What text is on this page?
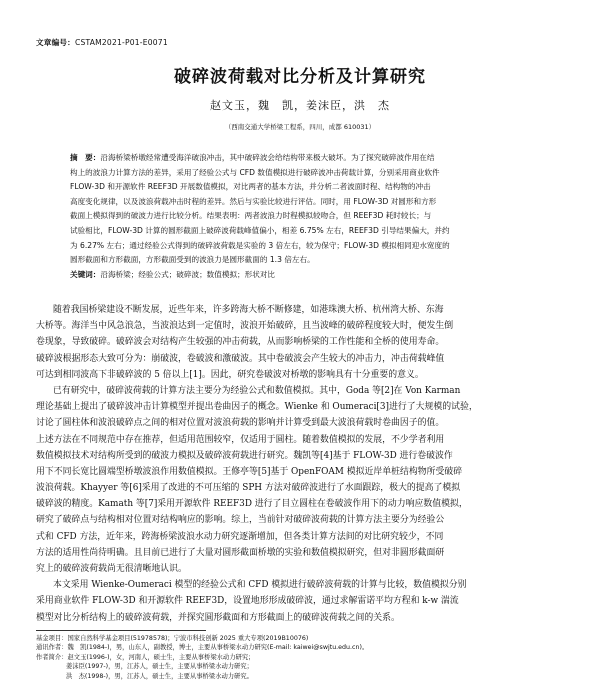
文章编号：CSTAM2021-P01-E0071
破碎波荷载对比分析及计算研究
赵文玉，魏　凯，姜沫臣，洪　杰
（西南交通大学桥梁工程系，四川，成都 610031）
摘　要：沿海桥梁桥墩经常遭受海洋破浪冲击，其中破碎波会给结构带来极大破坏。为了探究破碎波作用在结
构上的波浪力计算方法的差异，采用了经验公式与 CFD 数值模拟进行破碎波冲击荷载计算，分别采用商业软件
FLOW-3D 和开源软件 REEF3D 开展数值模拟，对比两者的基本方法，并分析二者波面时程、结构物的冲击
高度变化规律，以及波浪荷载冲击时程的差异。然后与实验比较进行评估。同时，用 FLOW-3D 对圆形和方形
截面上模拟得到的破波力进行比较分析。结果表明：两者波浪力时程模拟较吻合，但 REEF3D 耗时较长；与
试验相比，FLOW-3D 计算的圆形截面上破碎波荷载峰值偏小，相差 6.75% 左右，REEF3D 引导结果偏大，并约
为 6.27% 左右；通过经验公式得到的破碎波荷载是实验的 3 倍左右，较为保守；FLOW-3D 模拟相同迎水宽度的
圆形截面和方形截面，方形截面受到的波浪力是圆形截面的 1.3 倍左右。
关键词：沿海桥梁；经验公式；破碎波；数值模拟；形状对比
随着我国桥梁建设不断发展，近些年来，许多跨海大桥不断修建，如港珠澳大桥、杭州湾大桥、东海
大桥等。海洋当中风急浪急，当波浪达到一定值时，波浪开始破碎，且当波峰的破碎程度较大时，便发生倒
卷现象，导致破碎。破碎波会对结构产生较强的冲击荷载，从而影响桥梁的工作性能和全桥的使用寿命。
破碎波根据形态大致可分为：崩破波，卷破波和激破波。其中卷破波会产生较大的冲击力，冲击荷载峰值
可达到相同波高下非破碎波的 5 倍以上[1]。因此，研究卷破波对桥墩的影响具有十分重要的意义。
已有研究中，破碎波荷载的计算方法主要分为经验公式和数值模拟。其中，Goda 等[2]在 Von Karman
理论基础上提出了破碎波冲击计算模型并提出卷曲因子的概念。Wienke 和 Oumeraci[3]进行了大规模的试验，
讨论了圆柱体和波浪破碎点之间的相对位置对波浪荷载的影响并计算受到最大波浪荷载时卷曲因子的值。
上述方法在不同规范中存在推荐，但适用范围较窄，仅适用于圆柱。随着数值模拟的发展，不少学者利用
数值模拟技术对结构所受到的破波力模拟及破碎波荷载进行研究。魏凯等[4]基于 FLOW-3D 进行卷破波作
用下不同长宽比圆端型桥墩波浪作用数值模拟。王修亭等[5]基于 OpenFOAM 模拟近岸单桩结构物所受破碎
波浪荷载。Khayyer 等[6]采用了改进的不可压缩的 SPH 方法对破碎波进行了水面跟踪，极大的提高了模拟
破碎波的精度。Kamath 等[7]采用开源软件 REEF3D 进行了目立圆柱在卷破波作用下的动力响应数值模拟，
研究了破碎点与结构相对位置对结构响应的影响。综上，当前针对破碎波荷载的计算方法主要分为经验公
式和 CFD 方法，近年来，跨海桥梁波浪水动力研究逐渐增加，但各类计算方法间的对比研究较少，不同
方法的适用性尚待明确。且目前已进行了大量对圆形截面桥墩的实验和数值模拟研究，但对非圆形截面研
究上的破碎波荷载尚无很清晰地认识。
本文采用 Wienke-Oumeraci 模型的经验公式和 CFD 模拟进行破碎波荷载的计算与比较，数值模拟分别
采用商业软件 FLOW-3D 和开源软件 REEF3D，设置地形形成破碎波，通过求解雷诺平均方程和 k-w 湍流
模型对比分析结构上的破碎波荷载，并探究圆形截面和方形截面上的破碎波荷载之间的关系。
基金项目：国家自然科学基金项目(51978578)；宁波市科技创新 2025 重大专项(2019B10076)
通讯作者：魏　凯(1984-)，男，山东人，副教授，博士，主要从事桥梁水动力研究(E-mail: kaiwei@swjtu.edu.cn)。
作者简介：赵文玉(1996-)，女，河南人，硕士生，主要从事桥梁水动力研究；
姜沫臣(1997-)，男，江苏人，硕士生，主要从事桥梁水动力研究；
洪　杰(1998-)，男，江苏人，硕士生，主要从事桥梁水动力研究。
